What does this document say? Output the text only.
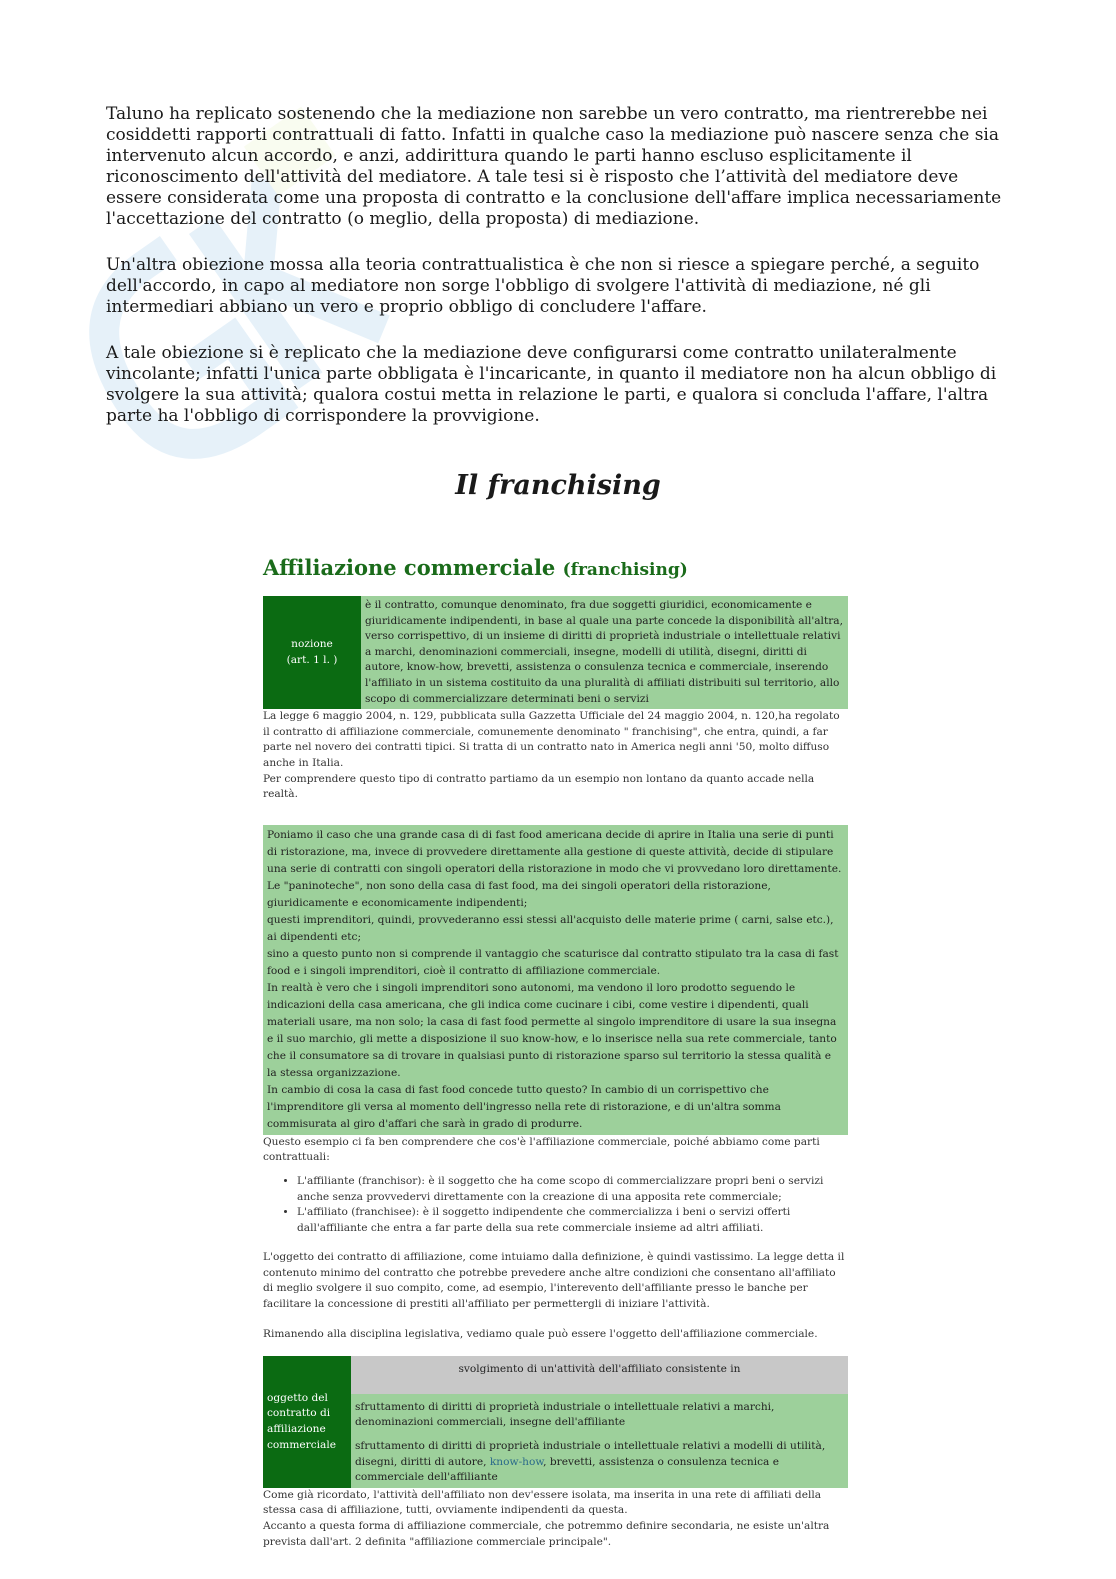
Taluno ha replicato sostenendo che la mediazione non sarebbe un vero contratto, ma rientrerebbe nei cosiddetti rapporti contrattuali di fatto. Infatti in qualche caso la mediazione può nascere senza che sia intervenuto alcun accordo, e anzi, addirittura quando le parti hanno escluso esplicitamente il riconoscimento dell'attività del mediatore. A tale tesi si è risposto che l’attività del mediatore deve essere considerata come una proposta di contratto e la conclusione dell'affare implica necessariamente l'accettazione del contratto (o meglio, della proposta) di mediazione.

Un'altra obiezione mossa alla teoria contrattualistica è che non si riesce a spiegare perché, a seguito dell'accordo, in capo al mediatore non sorge l'obbligo di svolgere l'attività di mediazione, né gli intermediari abbiano un vero e proprio obbligo di concludere l'affare.

A tale obiezione si è replicato che la mediazione deve configurarsi come contratto unilateralmente vincolante; infatti l'unica parte obbligata è l'incaricante, in quanto il mediatore non ha alcun obbligo di svolgere la sua attività; qualora costui metta in relazione le parti, e qualora si concluda l'affare, l'altra parte ha l'obbligo di corrispondere la provvigione.

Il franchising
Affiliazione commerciale (franchising)
nozione
(art. 1 l. )
è il contratto, comunque denominato, fra due soggetti giuridici, economicamente e giuridicamente indipendenti, in base al quale una parte concede la disponibilità all'altra, verso corrispettivo, di un insieme di diritti di proprietà industriale o intellettuale relativi a marchi, denominazioni commerciali, insegne, modelli di utilità, disegni, diritti di autore, know-how, brevetti, assistenza o consulenza tecnica e commerciale, inserendo l'affiliato in un sistema costituito da una pluralità di affiliati distribuiti sul territorio, allo scopo di commercializzare determinati beni o servizi

La legge 6 maggio 2004, n. 129, pubblicata sulla Gazzetta Ufficiale del 24 maggio 2004, n. 120,ha regolato il contratto di affiliazione commerciale, comunemente denominato " franchising", che entra, quindi, a far parte nel novero dei contratti tipici. Si tratta di un contratto nato in America negli anni '50, molto diffuso anche in Italia.

Per comprendere questo tipo di contratto partiamo da un esempio non lontano da quanto accade nella realtà.

Poniamo il caso che una grande casa di di fast food americana decide di aprire in Italia una serie di punti di ristorazione, ma, invece di provvedere direttamente alla gestione di queste attività, decide di stipulare una serie di contratti con singoli operatori della ristorazione in modo che vi provvedano loro direttamente.

Le "paninoteche", non sono della casa di fast food, ma dei singoli operatori della ristorazione, giuridicamente e economicamente indipendenti;

questi imprenditori, quindi, provvederanno essi stessi all'acquisto delle materie prime ( carni, salse etc.), ai dipendenti etc;

sino a questo punto non si comprende il vantaggio che scaturisce dal contratto stipulato tra la casa di fast food e i singoli imprenditori, cioè il contratto di affiliazione commerciale.

In realtà è vero che i singoli imprenditori sono autonomi, ma vendono il loro prodotto seguendo le indicazioni della casa americana, che gli indica come cucinare i cibi, come vestire i dipendenti, quali materiali usare, ma non solo; la casa di fast food permette al singolo imprenditore di usare la sua insegna e il suo marchio, gli mette a disposizione il suo know-how, e lo inserisce nella sua rete commerciale, tanto che il consumatore sa di trovare in qualsiasi punto di ristorazione sparso sul territorio la stessa qualità e la stessa organizzazione.

In cambio di cosa la casa di fast food concede tutto questo? In cambio di un corrispettivo che l'imprenditore gli versa al momento dell'ingresso nella rete di ristorazione, e di un'altra somma commisurata al giro d'affari che sarà in grado di produrre.

Questo esempio ci fa ben comprendere che cos'è l'affiliazione commerciale, poiché abbiamo come parti contrattuali:

• L'affiliante (franchisor): è il soggetto che ha come scopo di commercializzare propri beni o servizi anche senza provvedervi direttamente con la creazione di una apposita rete commerciale;
• L'affiliato (franchisee): è il soggetto indipendente che commercializza i beni o servizi offerti dall'affiliante che entra a far parte della sua rete commerciale insieme ad altri affiliati.

L'oggetto dei contratto di affiliazione, come intuiamo dalla definizione, è quindi vastissimo. La legge detta il contenuto minimo del contratto che potrebbe prevedere anche altre condizioni che consentano all'affiliato di meglio svolgere il suo compito, come, ad esempio, l'interevento dell'affiliante presso le banche per facilitare la concessione di prestiti all'affiliato per permettergli di iniziare l'attività.

Rimanendo alla disciplina legislativa, vediamo quale può essere l'oggetto dell'affiliazione commerciale.

oggetto del contratto di affiliazione commerciale
svolgimento di un'attività dell'affiliato consistente in

sfruttamento di diritti di proprietà industriale o intellettuale relativi a marchi, denominazioni commerciali, insegne dell'affiliante

sfruttamento di diritti di proprietà industriale o intellettuale relativi a modelli di utilità, disegni, diritti di autore, know-how, brevetti, assistenza o consulenza tecnica e commerciale dell'affiliante

Come già ricordato, l'attività dell'affiliato non dev'essere isolata, ma inserita in una rete di affiliati della stessa casa di affiliazione, tutti, ovviamente indipendenti da questa.

Accanto a questa forma di affiliazione commerciale, che potremmo definire secondaria, ne esiste un'altra prevista dall'art. 2 definita "affiliazione commerciale principale".
